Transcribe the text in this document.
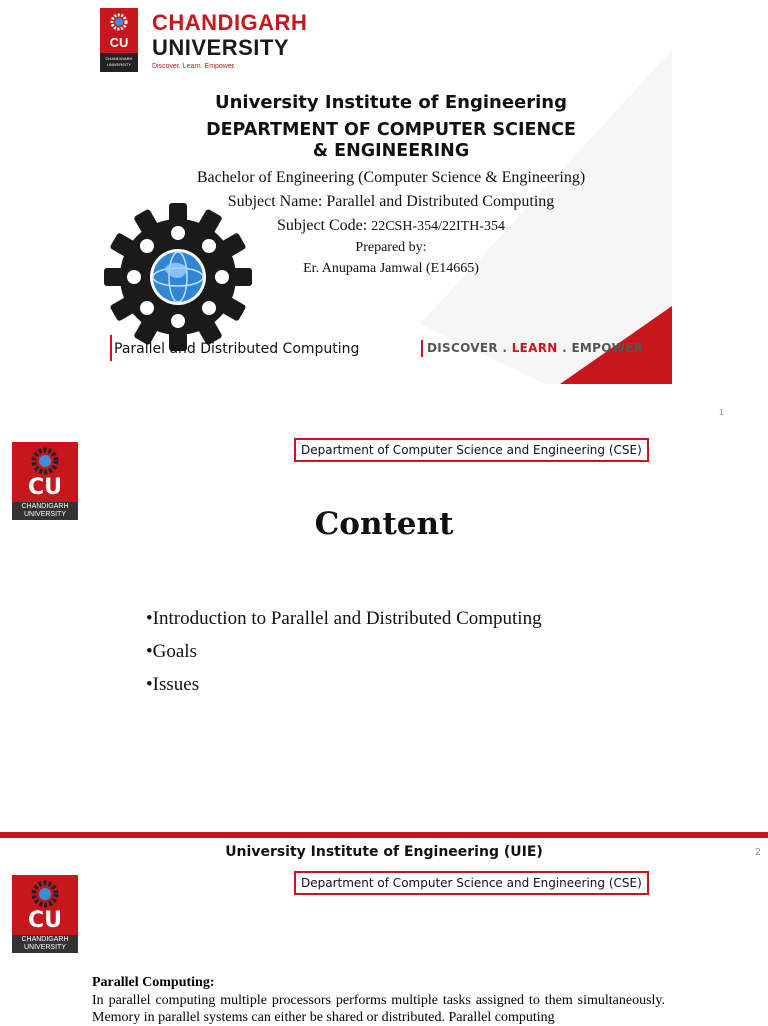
CU
CHANDIGARH UNIVERSITY
CHANDIGARH
UNIVERSITY
Discover. Learn. Empower.
University Institute of Engineering
DEPARTMENT OF COMPUTER SCIENCE
& ENGINEERING
Bachelor of Engineering (Computer Science & Engineering)
Subject Name: Parallel and Distributed Computing
Subject Code: 22CSH-354/22ITH-354
Prepared by:
Er. Anupama Jamwal (E14665)
Parallel and Distributed Computing	DISCOVER . LEARN . EMPOWER
1
CU
CHANDIGARH UNIVERSITY
Department of Computer Science and Engineering (CSE)
Content
•Introduction to Parallel and Distributed Computing
•Goals
•Issues
University Institute of Engineering (UIE)	2
CU
CHANDIGARH UNIVERSITY
Department of Computer Science and Engineering (CSE)
Parallel Computing:
In parallel computing multiple processors performs multiple tasks assigned to them simultaneously. Memory in parallel systems can either be shared or distributed. Parallel computing
